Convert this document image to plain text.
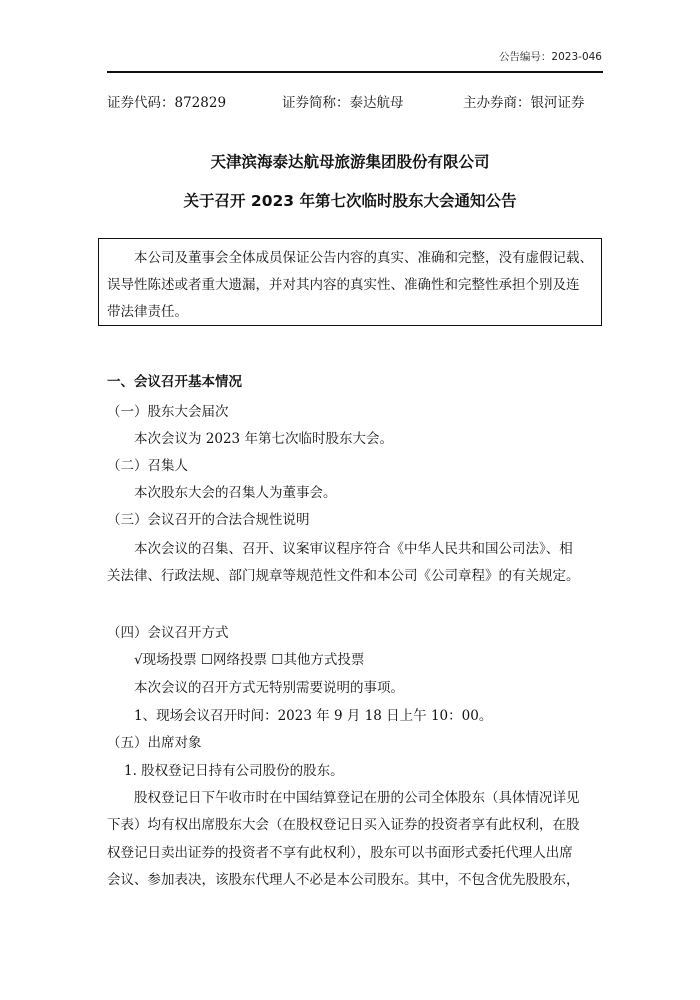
公告编号：2023-046
证券代码：872829	证券简称：泰达航母	主办券商：银河证券
天津滨海泰达航母旅游集团股份有限公司
关于召开 2023 年第七次临时股东大会通知公告
本公司及董事会全体成员保证公告内容的真实、准确和完整，没有虚假记载、
误导性陈述或者重大遗漏，并对其内容的真实性、准确性和完整性承担个别及连
带法律责任。
一、会议召开基本情况
（一）股东大会届次
本次会议为 2023 年第七次临时股东大会。
（二）召集人
本次股东大会的召集人为董事会。
（三）会议召开的合法合规性说明
本次会议的召集、召开、议案审议程序符合《中华人民共和国公司法》、相
关法律、行政法规、部门规章等规范性文件和本公司《公司章程》的有关规定。
（四）会议召开方式
√现场投票 ☐网络投票 ☐其他方式投票
本次会议的召开方式无特别需要说明的事项。
1、现场会议召开时间：2023 年 9 月 18 日上午 10：00。
（五）出席对象
1. 股权登记日持有公司股份的股东。
股权登记日下午收市时在中国结算登记在册的公司全体股东（具体情况详见
下表）均有权出席股东大会（在股权登记日买入证券的投资者享有此权利，在股
权登记日卖出证券的投资者不享有此权利），股东可以书面形式委托代理人出席
会议、参加表决，该股东代理人不必是本公司股东。其中，不包含优先股股东，
